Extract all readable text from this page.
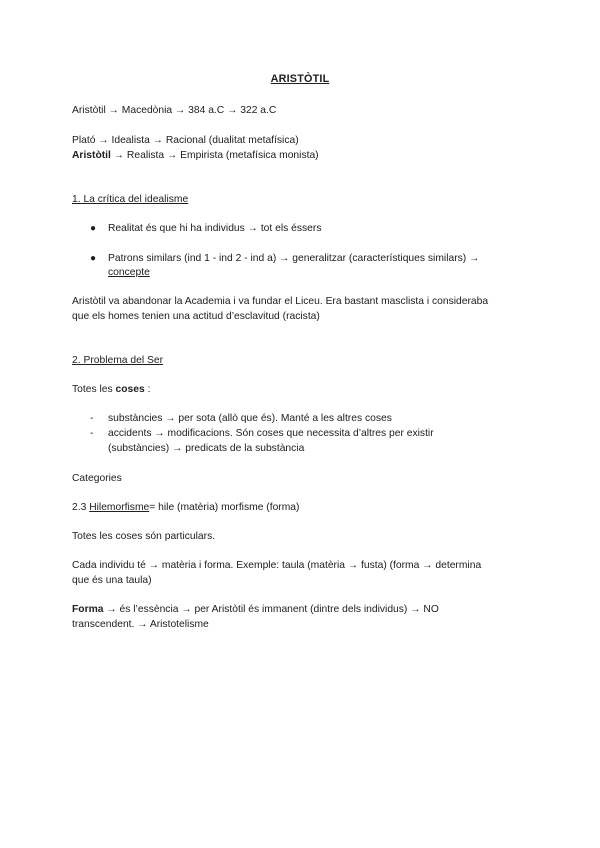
ARISTÒTIL
Aristòtil → Macedònia → 384 a.C → 322 a.C
Plató → Idealista → Racional (dualitat metafísica)
Aristòtil → Realista → Empirista (metafísica monista)
1. La crítica del idealisme
● Realitat és que hi ha individus → tot els éssers
● Patrons similars (ind 1 - ind 2 - ind a) → generalitzar (característiques similars) →
concepte
Aristòtil va abandonar la Academia i va fundar el Liceu. Era bastant masclista i consideraba
que els homes tenien una actitud d’esclavitud (racista)
2. Problema del Ser
Totes les coses :
- substàncies → per sota (allò que és). Manté a les altres coses
- accidents → modificacions. Són coses que necessita d’altres per existir
(substàncies) → predicats de la substància
Categories
2.3 Hilemorfisme= hile (matèria) morfisme (forma)
Totes les coses són particulars.
Cada individu té → matèria i forma. Exemple: taula (matèria → fusta) (forma → determina
que és una taula)
Forma → és l’essència → per Aristòtil és immanent (dintre dels individus) → NO
transcendent. → Aristotelisme
